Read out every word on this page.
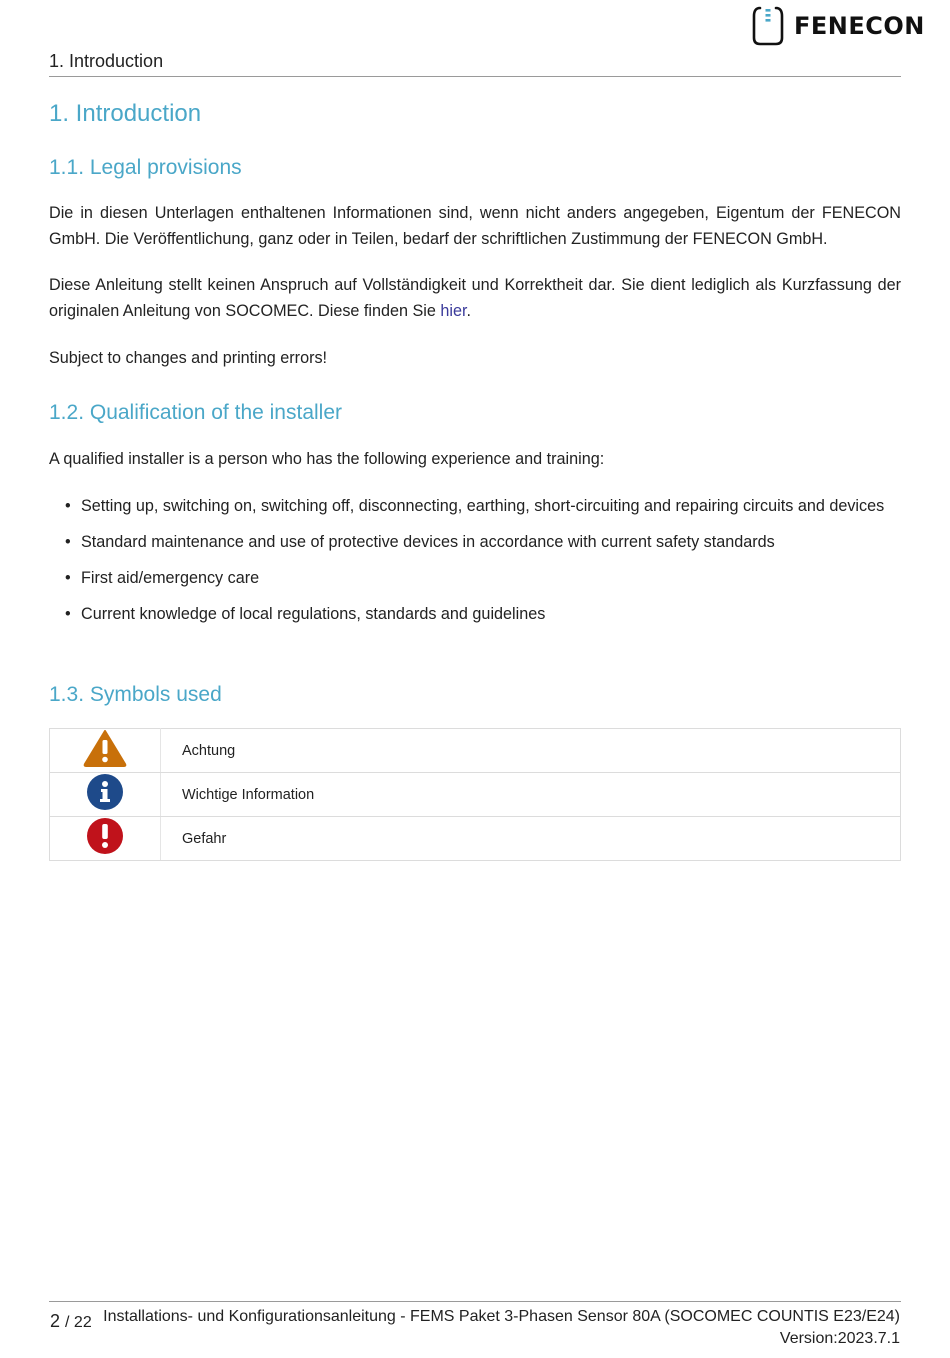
FENECON
1. Introduction
1. Introduction
1.1. Legal provisions

Die in diesen Unterlagen enthaltenen Informationen sind, wenn nicht anders angegeben, Eigentum der FENECON GmbH. Die Veröffentlichung, ganz oder in Teilen, bedarf der schriftlichen Zustimmung der FENECON GmbH.

Diese Anleitung stellt keinen Anspruch auf Vollständigkeit und Korrektheit dar. Sie dient lediglich als Kurzfassung der originalen Anleitung von SOCOMEC. Diese finden Sie hier.

Subject to changes and printing errors!

1.2. Qualification of the installer

A qualified installer is a person who has the following experience and training:

• Setting up, switching on, switching off, disconnecting, earthing, short-circuiting and repairing circuits and devices
• Standard maintenance and use of protective devices in accordance with current safety standards
• First aid/emergency care
• Current knowledge of local regulations, standards and guidelines
1.3. Symbols used
	Achtung
	Wichtige Information
	Gefahr
2 / 22 Installations- und Konfigurationsanleitung - FEMS Paket 3-Phasen Sensor 80A (SOCOMEC COUNTIS E23/E24)
Version:2023.7.1
